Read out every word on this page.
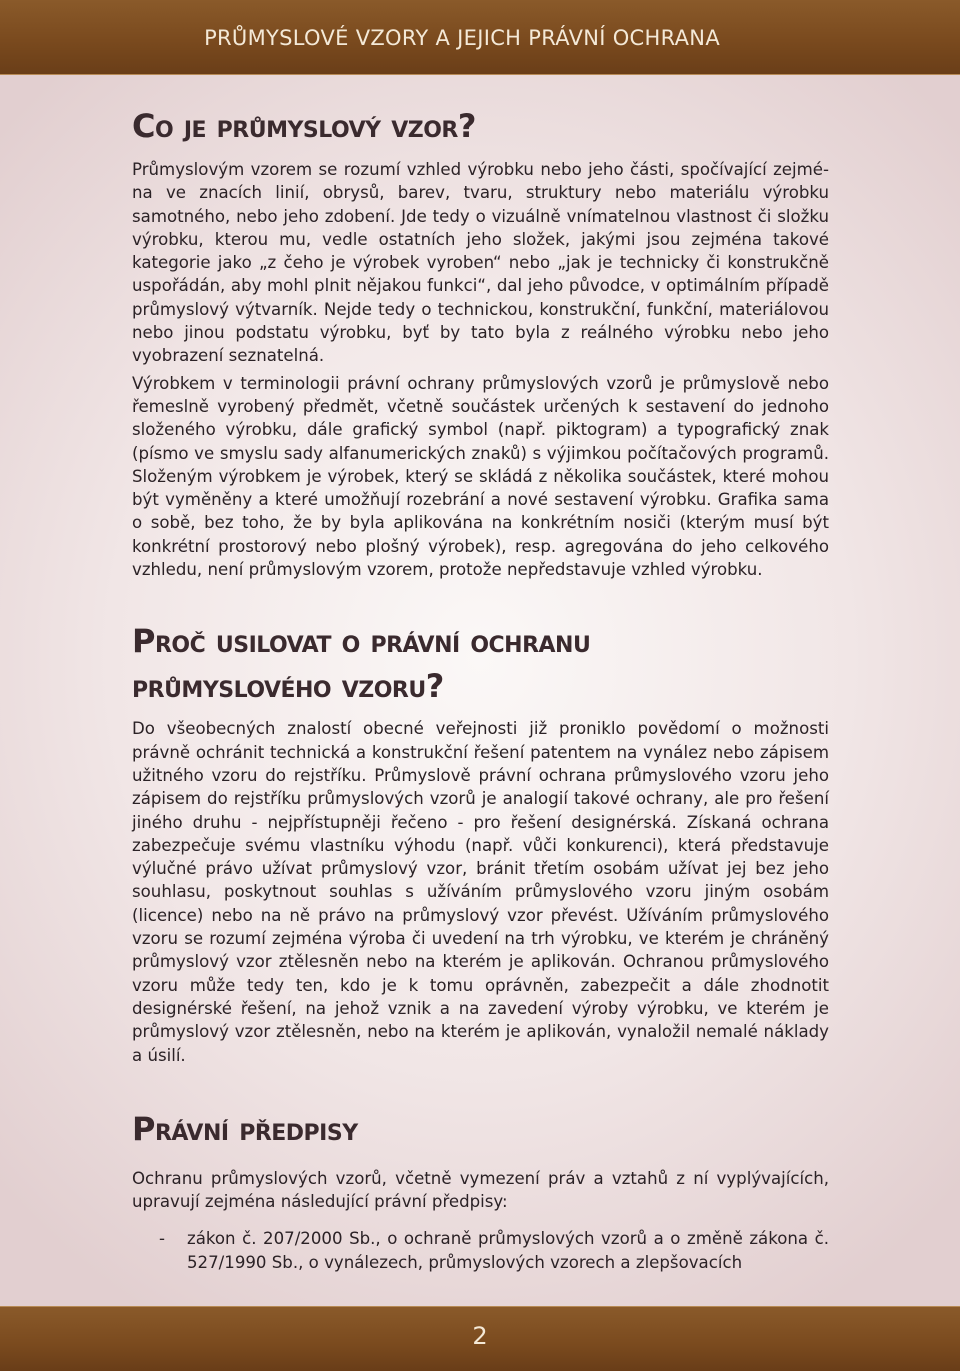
PRŮMYSLOVÉ VZORY A JEJICH PRÁVNÍ OCHRANA
Co je průmyslový vzor?

Průmyslovým vzorem se rozumí vzhled výrobku nebo jeho části, spočívající zejména ve znacích linií, obrysů, barev, tvaru, struktury nebo materiálu výrobku samotného, nebo jeho zdobení. Jde tedy o vizuálně vnímatelnou vlastnost či složku výrobku, kterou mu, vedle ostatních jeho složek, jakými jsou zejména takové kategorie jako „z čeho je výrobek vyroben“ nebo „jak je technicky či konstrukčně uspořádán, aby mohl plnit nějakou funkci“, dal jeho původce, v optimálním případě průmyslový výtvarník. Nejde tedy o technickou, konstrukční, funkční, materiálovou nebo jinou podstatu výrobku, byť by tato byla z reálného výrobku nebo jeho vyobrazení seznatelná.

Výrobkem v terminologii právní ochrany průmyslových vzorů je průmyslově nebo řemeslně vyrobený předmět, včetně součástek určených k sestavení do jednoho složeného výrobku, dále grafický symbol (např. piktogram) a typografický znak (písmo ve smyslu sady alfanumerických znaků) s výjimkou počítačových programů. Složeným výrobkem je výrobek, který se skládá z několika součástek, které mohou být vyměněny a které umožňují rozebrání a nové sestavení výrobku. Grafika sama o sobě, bez toho, že by byla aplikována na konkrétním nosiči (kterým musí být konkrétní prostorový nebo plošný výrobek), resp. agregována do jeho celkového vzhledu, není průmyslovým vzorem, protože nepředstavuje vzhled výrobku.

Proč usilovat o právní ochranu
průmyslového vzoru?

Do všeobecných znalostí obecné veřejnosti již proniklo povědomí o možnosti právně ochránit technická a konstrukční řešení patentem na vynález nebo zápisem užitného vzoru do rejstříku. Průmyslově právní ochrana průmyslového vzoru jeho zápisem do rejstříku průmyslových vzorů je analogií takové ochrany, ale pro řešení jiného druhu - nejpřístupněji řečeno - pro řešení designérská. Získaná ochrana zabezpečuje svému vlastníku výhodu (např. vůči konkurenci), která představuje výlučné právo užívat průmyslový vzor, bránit třetím osobám užívat jej bez jeho souhlasu, poskytnout souhlas s užíváním průmyslového vzoru jiným osobám (licence) nebo na ně právo na průmyslový vzor převést. Užíváním průmyslového vzoru se rozumí zejména výroba či uvedení na trh výrobku, ve kterém je chráněný průmyslový vzor ztělesněn nebo na kterém je aplikován. Ochranou průmyslového vzoru může tedy ten, kdo je k tomu oprávněn, zabezpečit a dále zhodnotit designérské řešení, na jehož vznik a na zavedení výroby výrobku, ve kterém je průmyslový vzor ztělesněn, nebo na kterém je aplikován, vynaložil nemalé náklady a úsilí.

Právní předpisy

Ochranu průmyslových vzorů, včetně vymezení práv a vztahů z ní vyplývajících, upravují zejména následující právní předpisy:

- zákon č. 207/2000 Sb., o ochraně průmyslových vzorů a o změně zákona č. 527/1990 Sb., o vynálezech, průmyslových vzorech a zlepšovacích
2
